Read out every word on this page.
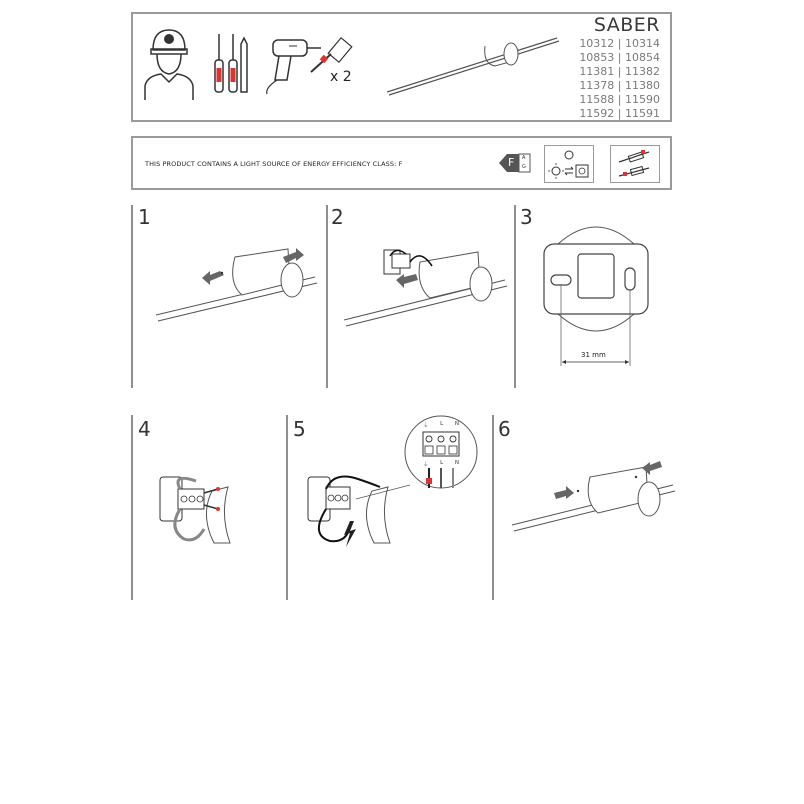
x 2
SABER
10312 | 10314
10853 | 10854
11381 | 11382
11378 | 11380
11588 | 11590
11592 | 11591
THIS PRODUCT CONTAINS A LIGHT SOURCE OF ENERGY EFFICIENCY CLASS: F	F A
G
1	2	3
31 mm
4	5	⏚ L N
⏚ L N
6
